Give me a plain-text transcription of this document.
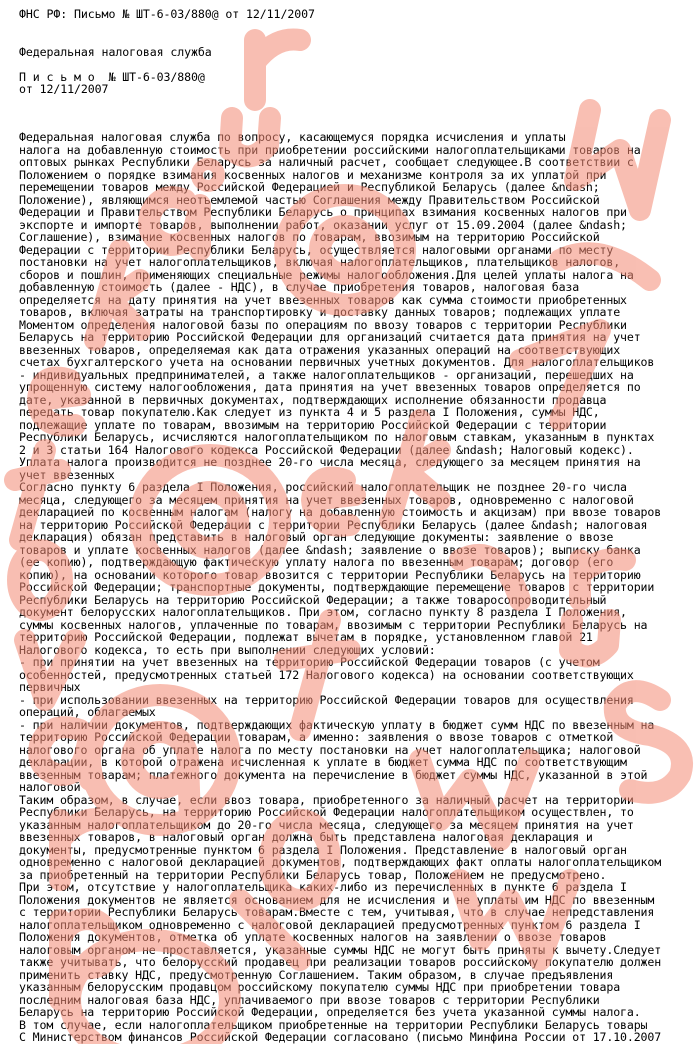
ФНС РФ: Письмо № ШТ-6-03/880@ от 12/11/2007
Федеральная налоговая служба
П и с ь м о  № ШТ-6-03/880@
от 12/11/2007
Федеральная налоговая служба по вопросу, касающемуся порядка исчисления и уплаты
налога на добавленную стоимость при приобретении российскими налогоплательщиками товаров на
оптовых рынках Республики Беларусь за наличный расчет, сообщает следующее.В соответствии с
Положением о порядке взимания косвенных налогов и механизме контроля за их уплатой при
перемещении товаров между Российской Федерацией и Республикой Беларусь (далее &ndash;
Положение), являющимся неотъемлемой частью Соглашения между Правительством Российской
Федерации и Правительством Республики Беларусь о принципах взимания косвенных налогов при
экспорте и импорте товаров, выполнении работ, оказании услуг от 15.09.2004 (далее &ndash;
Соглашение), взимание косвенных налогов по товарам, ввозимым на территорию Российской
Федерации с территории Республики Беларусь, осуществляется налоговыми органами по месту
постановки на учет налогоплательщиков, включая налогоплательщиков, плательщиков налогов,
сборов и пошлин, применяющих специальные режимы налогообложения.Для целей уплаты налога на
добавленную стоимость (далее - НДС), в случае приобретения товаров, налоговая база
определяется на дату принятия на учет ввезенных товаров как сумма стоимости приобретенных
товаров, включая затраты на транспортировку и доставку данных товаров; подлежащих уплате
Моментом определения налоговой базы по операциям по ввозу товаров с территории Республики
Беларусь на территорию Российской Федерации для организаций считается дата принятия на учет
ввезенных товаров, определяемая как дата отражения указанных операций на соответствующих
счетах бухгалтерского учета на основании первичных учетных документов. Для налогоплательщиков
- индивидуальных предпринимателей, а также налогоплательщиков - организаций, перешедших на
упрощенную систему налогообложения, дата принятия на учет ввезенных товаров определяется по
дате, указанной в первичных документах, подтверждающих исполнение обязанности продавца
передать товар покупателю.Как следует из пункта 4 и 5 раздела I Положения, суммы НДС,
подлежащие уплате по товарам, ввозимым на территорию Российской Федерации с территории
Республики Беларусь, исчисляются налогоплательщиком по налоговым ставкам, указанным в пунктах
2 и 3 статьи 164 Налогового кодекса Российской Федерации (далее &ndash; Налоговый кодекс).
Уплата налога производится не позднее 20-го числа месяца, следующего за месяцем принятия на
учет ввезенных
Согласно пункту 6 раздела I Положения, российский налогоплательщик не позднее 20-го числа
месяца, следующего за месяцем принятия на учет ввезенных товаров, одновременно с налоговой
декларацией по косвенным налогам (налогу на добавленную стоимость и акцизам) при ввозе товаров
на территорию Российской Федерации с территории Республики Беларусь (далее &ndash; налоговая
декларация) обязан представить в налоговый орган следующие документы: заявление о ввозе
товаров и уплате косвенных налогов (далее &ndash; заявление о ввозе товаров); выписку банка
(ее копию), подтверждающую фактическую уплату налога по ввезенным товарам; договор (его
копию), на основании которого товар ввозится с территории Республики Беларусь на территорию
Российской Федерации; транспортные документы, подтверждающие перемещение товаров с территории
Республики Беларусь на территорию Российской Федерации; а также товаросопроводительный
документ белорусских налогоплательщиков. При этом, согласно пункту 8 раздела I Положения,
суммы косвенных налогов, уплаченные по товарам, ввозимым с территории Республики Беларусь на
территорию Российской Федерации, подлежат вычетам в порядке, установленном главой 21
Налогового кодекса, то есть при выполнении следующих условий:
- при принятии на учет ввезенных на территорию Российской Федерации товаров (с учетом
особенностей, предусмотренных статьей 172 Налогового кодекса) на основании соответствующих
первичных
- при использовании ввезенных на территорию Российской Федерации товаров для осуществления
операций, облагаемых
- при наличии документов, подтверждающих фактическую уплату в бюджет сумм НДС по ввезенным на
территорию Российской Федерации товарам, а именно: заявления о ввозе товаров с отметкой
налогового органа об уплате налога по месту постановки на учет налогоплательщика; налоговой
декларации, в которой отражена исчисленная к уплате в бюджет сумма НДС по соответствующим
ввезенным товарам; платежного документа на перечисление в бюджет суммы НДС, указанной в этой
налоговой
Таким образом, в случае, если ввоз товара, приобретенного за наличный расчет на территории
Республики Беларусь, на территорию Российской Федерации налогоплательщиком осуществлен, то
указанным налогоплательщиком до 20-го числа месяца, следующего за месяцем принятия на учет
ввезенных товаров, в налоговый орган должна быть представлена налоговая декларация и
документы, предусмотренные пунктом 6 раздела I Положения. Представление в налоговый орган
одновременно с налоговой декларацией документов, подтверждающих факт оплаты налогоплательщиком
за приобретенный на территории Республики Беларусь товар, Положением не предусмотрено.
При этом, отсутствие у налогоплательщика каких-либо из перечисленных в пункте 6 раздела I
Положения документов не является основанием для не исчисления и не уплаты им НДС по ввезенным
с территории Республики Беларусь товарам.Вместе с тем, учитывая, что в случае непредставления
налогоплательщиком одновременно с налоговой декларацией предусмотренных пунктом 6 раздела I
Положения документов, отметка об уплате косвенных налогов на заявлении о ввозе товаров
налоговым органом не проставляется, указанные суммы НДС не могут быть приняты к вычету.Следует
также учитывать, что белорусский продавец при реализации товаров российскому покупателю должен
применить ставку НДС, предусмотренную Соглашением. Таким образом, в случае предъявления
указанным белорусским продавцом российскому покупателю суммы НДС при приобретении товара
последним налоговая база НДС, уплачиваемого при ввозе товаров с территории Республики
Беларусь на территорию Российской Федерации, определяется без учета указанной суммы налога.
В том случае, если налогоплательщиком приобретенные на территории Республики Беларусь товары
С Министерством финансов Российской Федерации согласовано (письмо Минфина России от 17.10.2007
